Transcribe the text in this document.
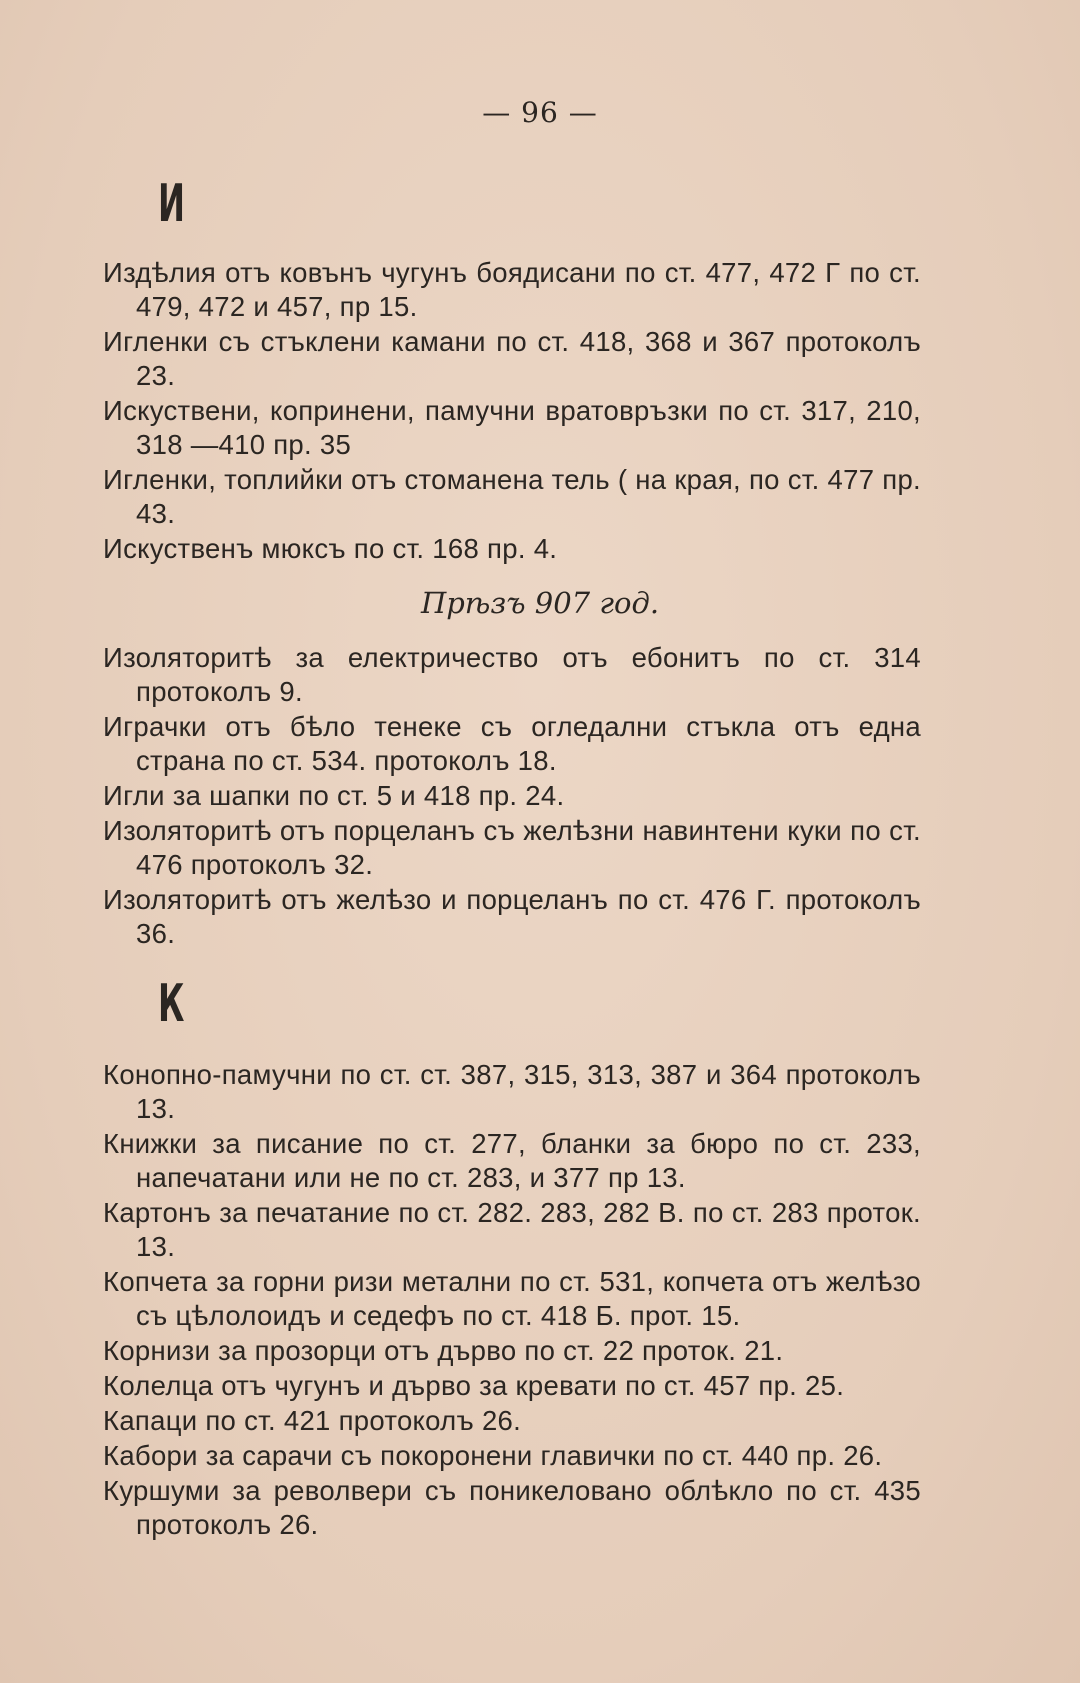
— 96 —
И
Издѣлия отъ ковънъ чугунъ боядисани по ст. 477, 472 Г по ст. 479, 472 и 457, пр 15.
Игленки съ стъклени камани по ст. 418, 368 и 367 протоколъ 23.
Искуствени, копринени, памучни вратовръзки по ст. 317, 210, 318 —410 пр. 35
Иглeнки, топлийки отъ стоманена тель ( на края, по ст. 477 пр. 43.
Искуственъ мюксъ по ст. 168 пр. 4.
Прѣзъ 907 год.
Изоляторитѣ за електричество отъ ебонитъ по ст. 314 протоколъ 9.
Играчки отъ бѣло тенеке съ огледални стъкла отъ една страна по ст. 534. протоколъ 18.
Игли за шапки по ст. 5 и 418 пр. 24.
Изоляторитѣ отъ порцеланъ съ желѣзни навинтени куки по ст. 476 протоколъ 32.
Изоляторитѣ отъ желѣзо и порцеланъ по ст. 476 Г. протоколъ 36.
К
Конопно-памучни по ст. ст. 387, 315, 313, 387 и 364 протоколъ 13.
Книжки за писание по ст. 277, бланки за бюро по ст. 233, напечатани или не по ст. 283, и 377 пр 13.
Картонъ за печатание по ст. 282. 283, 282 В. по ст. 283 проток. 13.
Копчета за горни ризи метални по ст. 531, копчета отъ желѣзо съ цѣлолоидъ и седефъ по ст. 418 Б. прот. 15.
Корнизи за прозорци отъ дърво по ст. 22 проток. 21.
Колелца отъ чугунъ и дърво за кревати по ст. 457 пр. 25.
Капаци по ст. 421 протоколъ 26.
Кабори за сарачи съ покоронени главички по ст. 440 пр. 26.
Куршуми за револвери съ поникеловано облѣкло по ст. 435 протоколъ 26.
